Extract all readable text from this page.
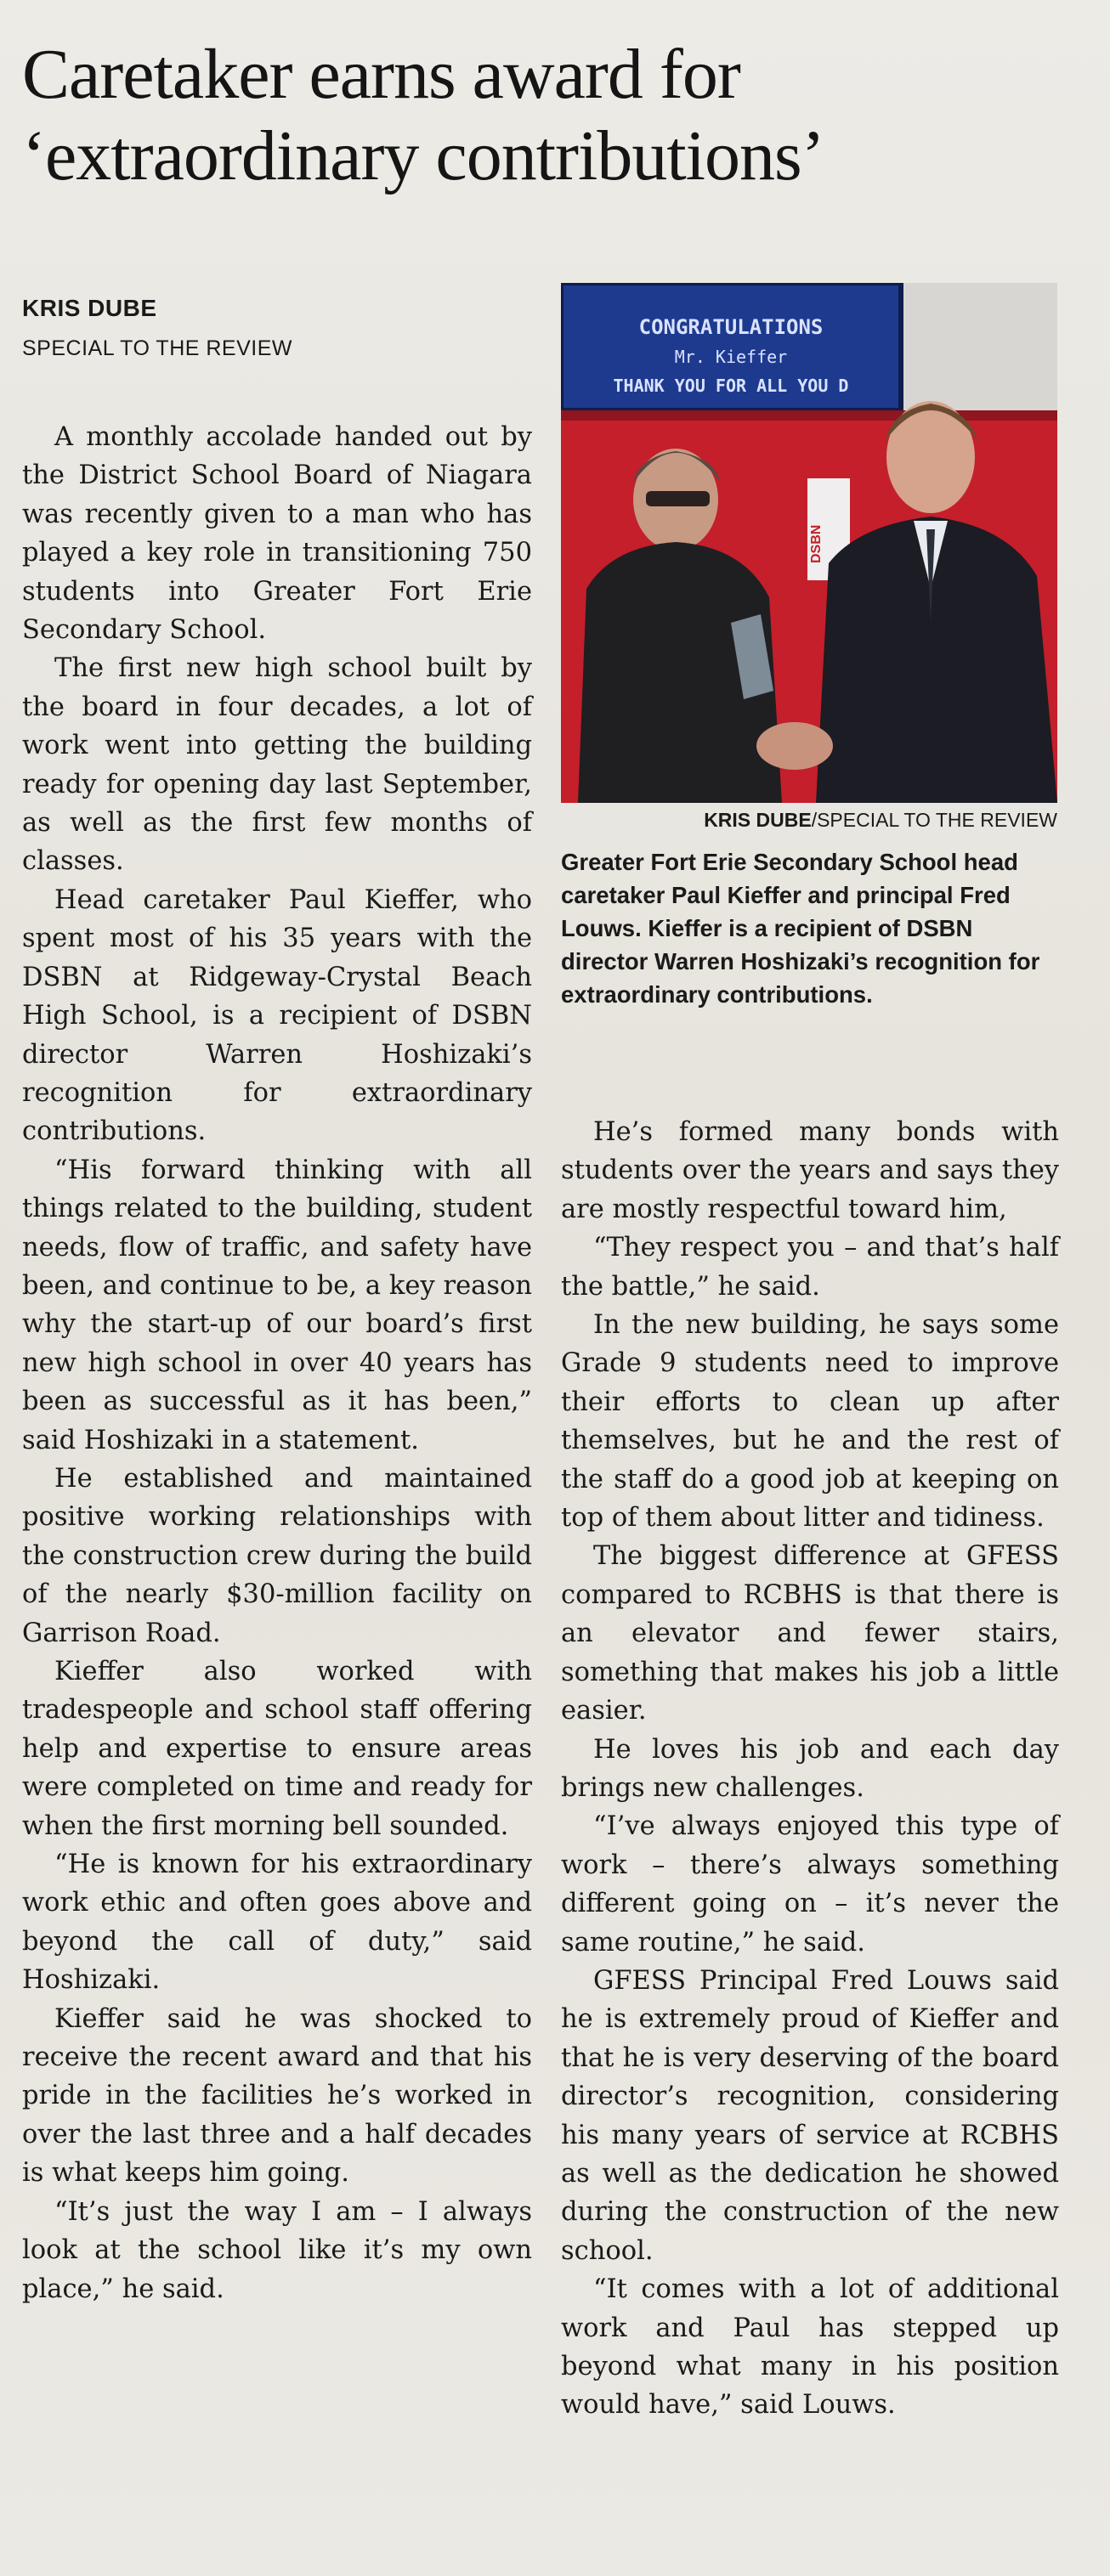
Caretaker earns award for ‘extraordinary contributions’
KRIS DUBE
SPECIAL TO THE REVIEW

A monthly accolade handed out by the District School Board of Niagara was recently given to a man who has played a key role in transitioning 750 students into Greater Fort Erie Secondary School.

The first new high school built by the board in four decades, a lot of work went into getting the building ready for opening day last September, as well as the first few months of classes.

Head caretaker Paul Kieffer, who spent most of his 35 years with the DSBN at Ridgeway-Crystal Beach High School, is a recipient of DSBN director Warren Hoshizaki’s recognition for extraordinary contributions.

“His forward thinking with all things related to the building, student needs, flow of traffic, and safety have been, and continue to be, a key reason why the start-up of our board’s first new high school in over 40 years has been as successful as it has been,” said Hoshizaki in a statement.

He established and maintained positive working relationships with the construction crew during the build of the nearly $30-million facility on Garrison Road.

Kieffer also worked with tradespeople and school staff offering help and expertise to ensure areas were completed on time and ready for when the first morning bell sounded.

“He is known for his extraordinary work ethic and often goes above and beyond the call of duty,” said Hoshizaki.

Kieffer said he was shocked to receive the recent award and that his pride in the facilities he’s worked in over the last three and a half decades is what keeps him going.

“It’s just the way I am – I always look at the school like it’s my own place,” he said.

CONGRATULATIONS
Mr. Kieffer
THANK YOU FOR ALL YOU D
DSBN
KRIS DUBE/SPECIAL TO THE REVIEW

Greater Fort Erie Secondary School head caretaker Paul Kieffer and principal Fred Louws. Kieffer is a recipient of DSBN director Warren Hoshizaki’s recognition for extraordinary contributions.

He’s formed many bonds with students over the years and says they are mostly respectful toward him,

“They respect you – and that’s half the battle,” he said.

In the new building, he says some Grade 9 students need to improve their efforts to clean up after themselves, but he and the rest of the staff do a good job at keeping on top of them about litter and tidiness.

The biggest difference at GFESS compared to RCBHS is that there is an elevator and fewer stairs, something that makes his job a little easier.

He loves his job and each day brings new challenges.

“I’ve always enjoyed this type of work – there’s always something different going on – it’s never the same routine,” he said.

GFESS Principal Fred Louws said he is extremely proud of Kieffer and that he is very deserving of the board director’s recognition, considering his many years of service at RCBHS as well as the dedication he showed during the construction of the new school.

“It comes with a lot of additional work and Paul has stepped up beyond what many in his position would have,” said Louws.
